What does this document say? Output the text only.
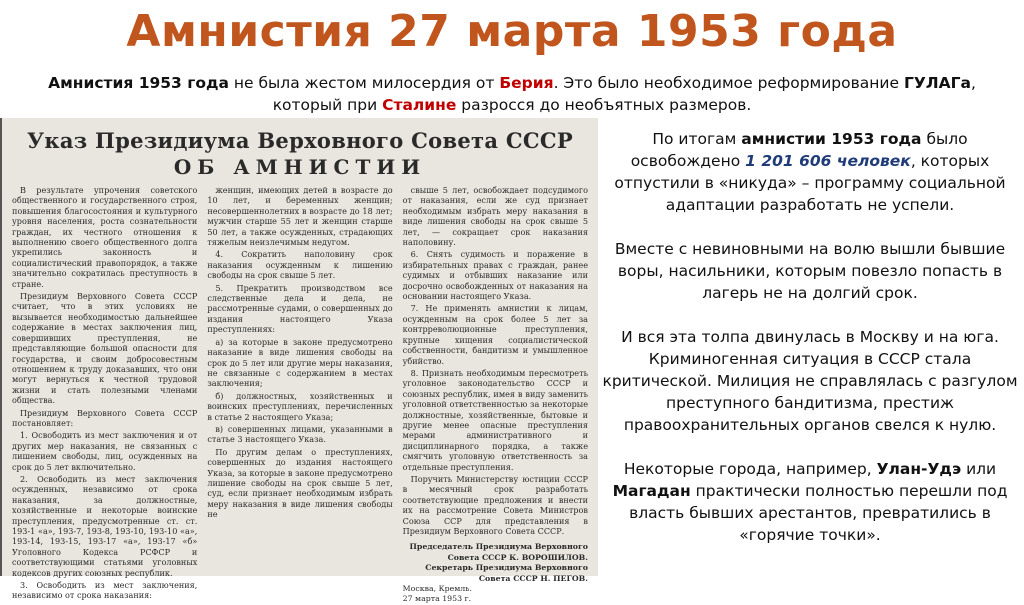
Амнистия 27 марта 1953 года
Амнистия 1953 года не была жестом милосердия от Берия. Это было необходимое реформирование ГУЛАГа,
который при Сталине разросся до необъятных размеров.
Указ Президиума Верховного Совета СССР
ОБ АМНИСТИИ

В результате упрочения советского общественного и государственного строя, повышения благосостояния и культурного уровня населения, роста сознательности граждан, их честного отношения к выполнению своего общественного долга укрепились законность и социалистический правопорядок, а также значительно сократилась преступность в стране.

Президиум Верховного Совета СССР считает, что в этих условиях не вызывается необходимостью дальнейшее содержание в местах заключения лиц, совершивших преступления, не представляющие большой опасности для государства, и своим добросовестным отношением к труду доказавших, что они могут вернуться к честной трудовой жизни и стать полезными членами общества.

Президиум Верховного Совета СССР постановляет:

1. Освободить из мест заключения и от других мер наказания, не связанных с лишением свободы, лиц, осужденных на срок до 5 лет включительно.

2. Освободить из мест заключения осужденных, независимо от срока наказания, за должностные, хозяйственные и некоторые воинские преступления, предусмотренные ст. ст. 193-1 «а», 193-7, 193-8, 193-10, 193-10 «а», 193-14, 193-15, 193-17 «а», 193-17 «б» Уголовного Кодекса РСФСР и соответствующими статьями уголовных кодексов других союзных республик.

3. Освободить из мест заключения, независимо от срока наказания:

женщин, имеющих детей в возрасте до 10 лет, и беременных женщин; несовершеннолетних в возрасте до 18 лет; мужчин старше 55 лет и женщин старше 50 лет, а также осужденных, страдающих тяжелым неизлечимым недугом.

4. Сократить наполовину срок наказания осужденным к лишению свободы на срок свыше 5 лет.

5. Прекратить производством все следственные дела и дела, не рассмотренные судами, о совершенных до издания настоящего Указа преступлениях:

а) за которые в законе предусмотрено наказание в виде лишения свободы на срок до 5 лет или другие меры наказания, не связанные с содержанием в местах заключения;

б) должностных, хозяйственных и воинских преступлениях, перечисленных в статье 2 настоящего Указа;

в) совершенных лицами, указанными в статье 3 настоящего Указа.

По другим делам о преступлениях, совершенных до издания настоящего Указа, за которые в законе предусмотрено лишение свободы на срок свыше 5 лет, суд, если признает необходимым избрать меру наказания в виде лишения свободы не

свыше 5 лет, освобождает подсудимого от наказания, если же суд признает необходимым избрать меру наказания в виде лишения свободы на срок свыше 5 лет, — сокращает срок наказания наполовину.

6. Снять судимость и поражение в избирательных правах с граждан, ранее судимых и отбывших наказание или досрочно освобожденных от наказания на основании настоящего Указа.

7. Не применять амнистии к лицам, осужденным на срок более 5 лет за контрреволюционные преступления, крупные хищения социалистической собственности, бандитизм и умышленное убийство.

8. Признать необходимым пересмотреть уголовное законодательство СССР и союзных республик, имея в виду заменить уголовной ответственностью за некоторые должностные, хозяйственные, бытовые и другие менее опасные преступления мерами административного и дисциплинарного порядка, а также смягчить уголовную ответственность за отдельные преступления.

Поручить Министерству юстиции СССР в месячный срок разработать соответствующие предложения и внести их на рассмотрение Совета Министров Союза ССР для представления в Президиум Верховного Совета СССР.

Председатель Президиума Верховного Совета СССР К. ВОРОШИЛОВ.
Секретарь Президиума Верховного Совета СССР Н. ПЕГОВ.
Москва, Кремль.
27 марта 1953 г.

По итогам амнистии 1953 года было освобождено 1 201 606 человек, которых отпустили в «никуда» – программу социальной адаптации разработать не успели.

Вместе с невиновными на волю вышли бывшие воры, насильники, которым повезло попасть в лагерь не на долгий срок.

И вся эта толпа двинулась в Москву и на юга. Криминогенная ситуация в СССР стала критической. Милиция не справлялась с разгулом преступного бандитизма, престиж правоохранительных органов свелся к нулю.

Некоторые города, например, Улан-Удэ или Магадан практически полностью перешли под власть бывших арестантов, превратились в «горячие точки».
